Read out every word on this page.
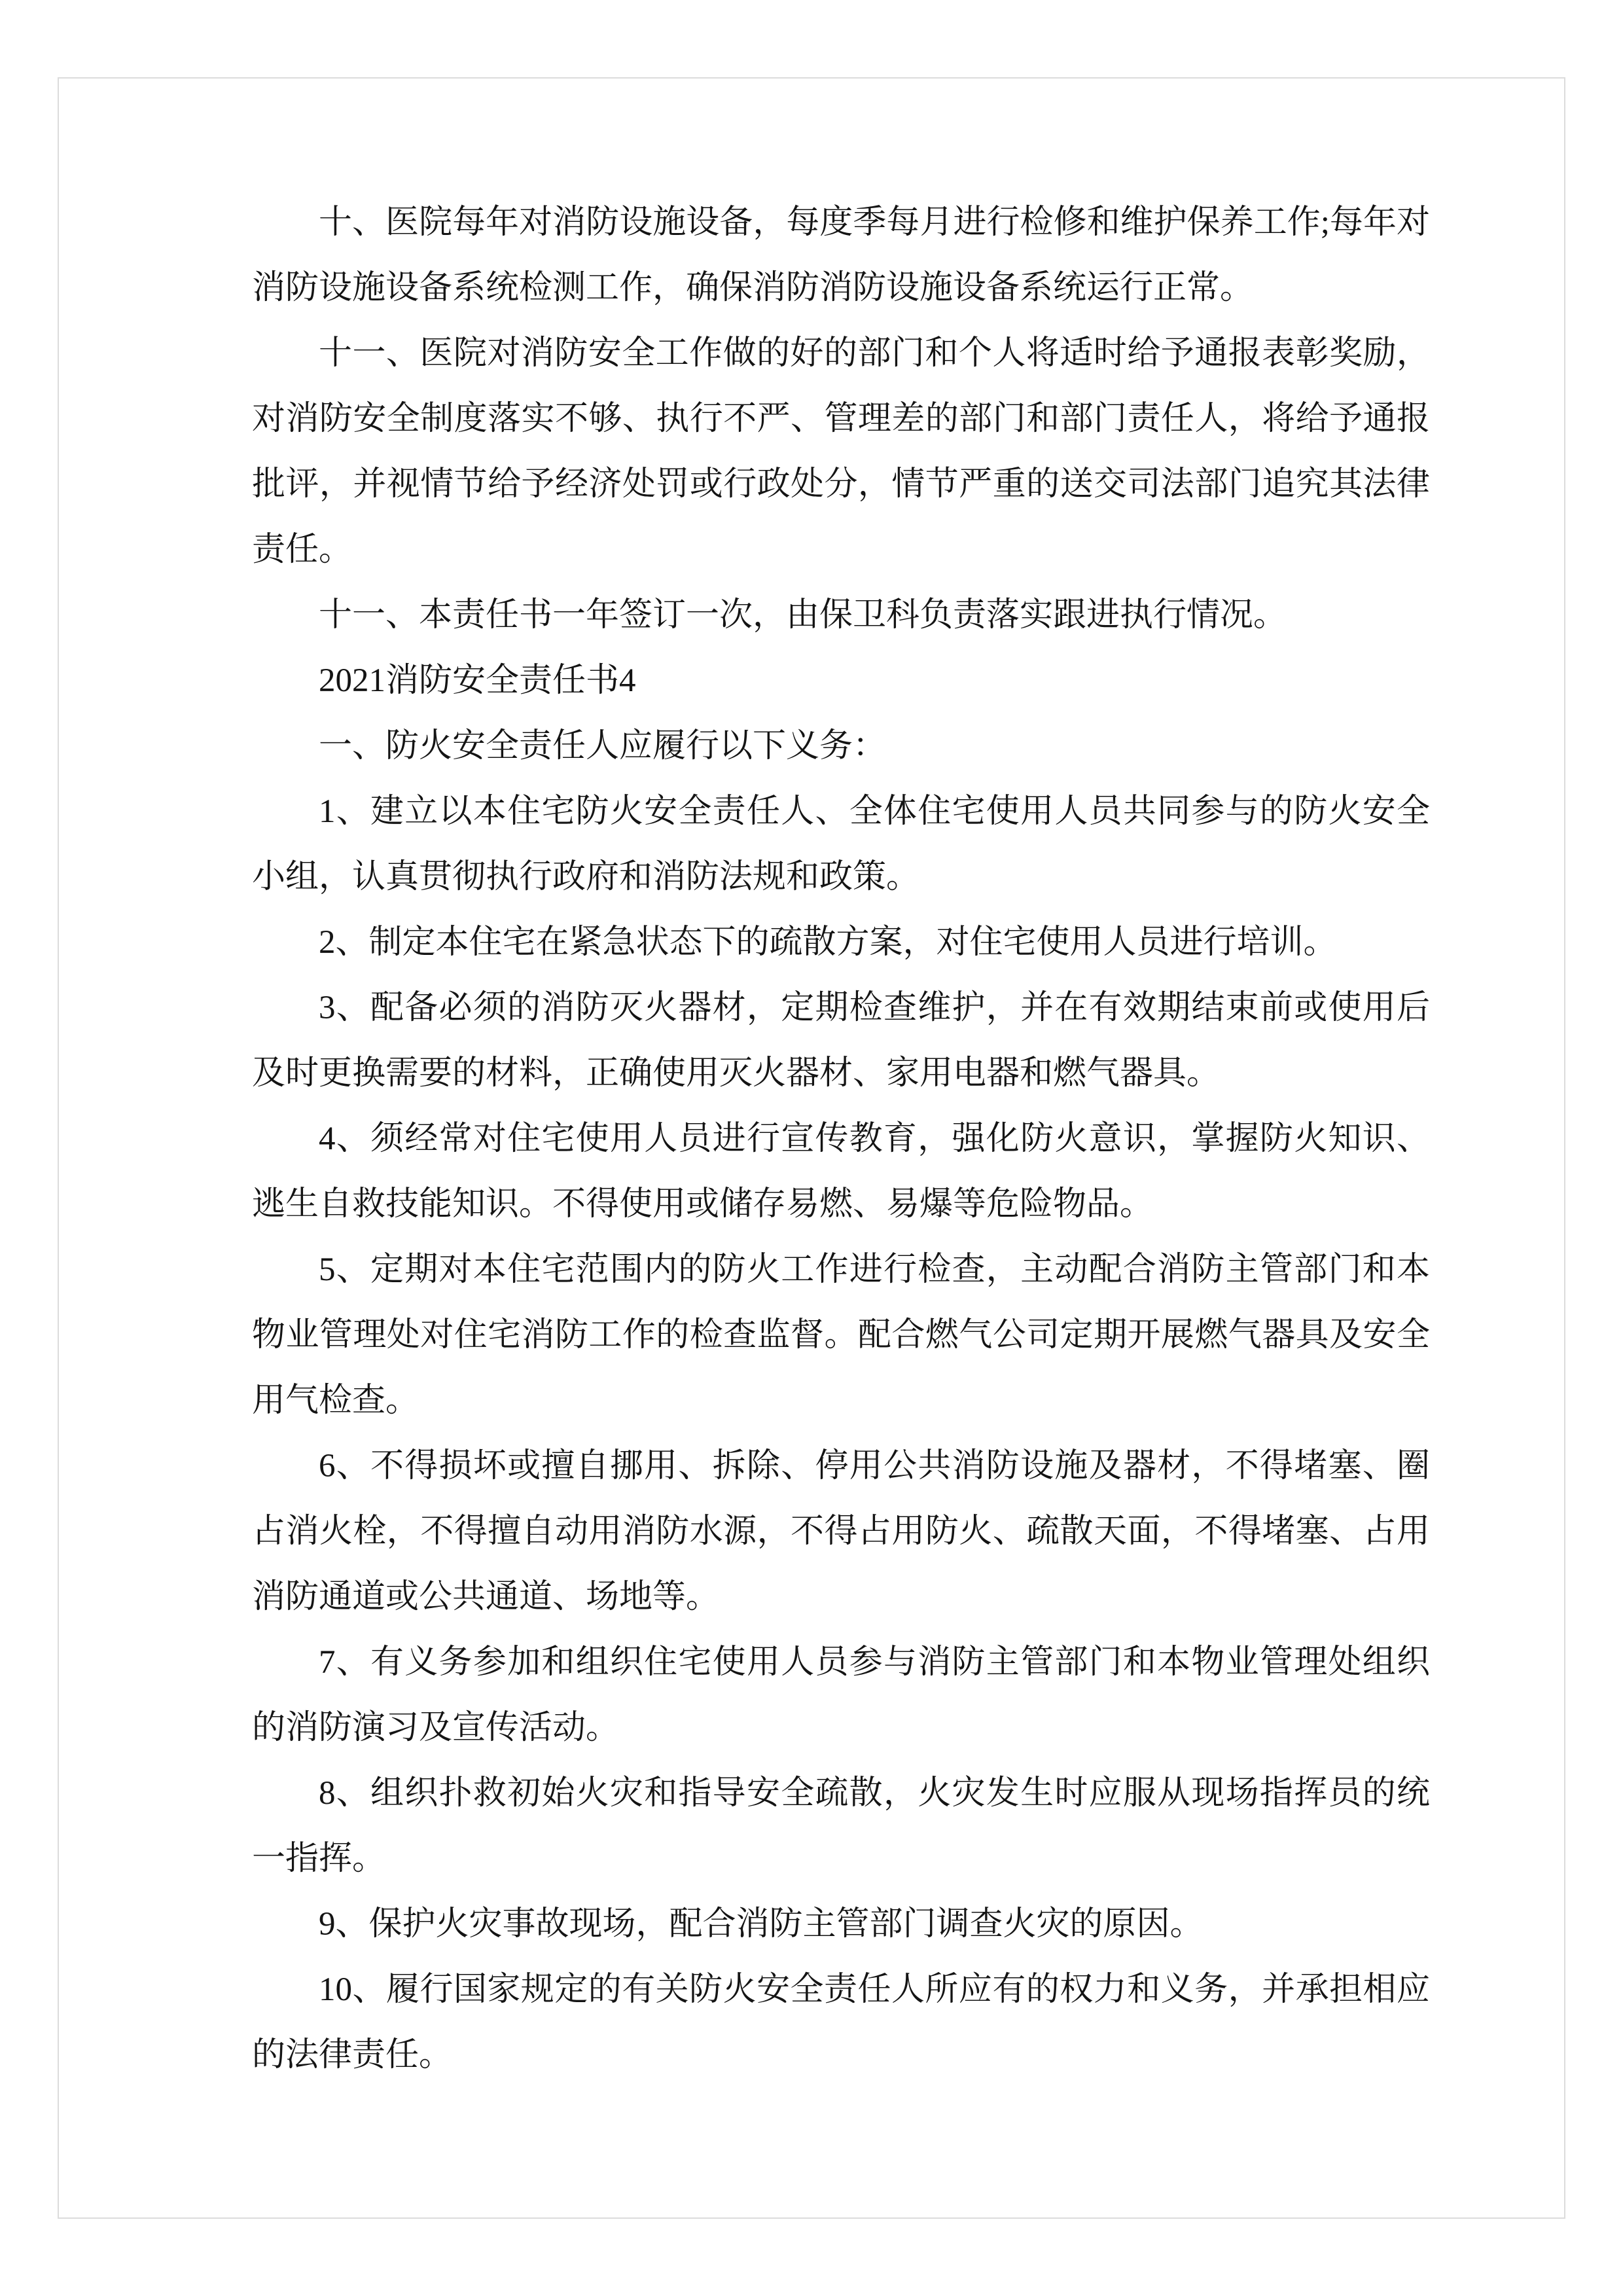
十、医院每年对消防设施设备，每度季每月进行检修和维护保养工作;每年对消防设施设备系统检测工作，确保消防消防设施设备系统运行正常。

十一、医院对消防安全工作做的好的部门和个人将适时给予通报表彰奖励，对消防安全制度落实不够、执行不严、管理差的部门和部门责任人，将给予通报批评，并视情节给予经济处罚或行政处分，情节严重的送交司法部门追究其法律责任。

十一、本责任书一年签订一次，由保卫科负责落实跟进执行情况。

2021消防安全责任书4

一、防火安全责任人应履行以下义务：

1、建立以本住宅防火安全责任人、全体住宅使用人员共同参与的防火安全小组，认真贯彻执行政府和消防法规和政策。

2、制定本住宅在紧急状态下的疏散方案，对住宅使用人员进行培训。

3、配备必须的消防灭火器材，定期检查维护，并在有效期结束前或使用后及时更换需要的材料，正确使用灭火器材、家用电器和燃气器具。

4、须经常对住宅使用人员进行宣传教育，强化防火意识，掌握防火知识、逃生自救技能知识。不得使用或储存易燃、易爆等危险物品。

5、定期对本住宅范围内的防火工作进行检查，主动配合消防主管部门和本物业管理处对住宅消防工作的检查监督。配合燃气公司定期开展燃气器具及安全用气检查。

6、不得损坏或擅自挪用、拆除、停用公共消防设施及器材，不得堵塞、圈占消火栓，不得擅自动用消防水源，不得占用防火、疏散天面，不得堵塞、占用消防通道或公共通道、场地等。

7、有义务参加和组织住宅使用人员参与消防主管部门和本物业管理处组织的消防演习及宣传活动。

8、组织扑救初始火灾和指导安全疏散，火灾发生时应服从现场指挥员的统一指挥。

9、保护火灾事故现场，配合消防主管部门调查火灾的原因。

10、履行国家规定的有关防火安全责任人所应有的权力和义务，并承担相应的法律责任。
